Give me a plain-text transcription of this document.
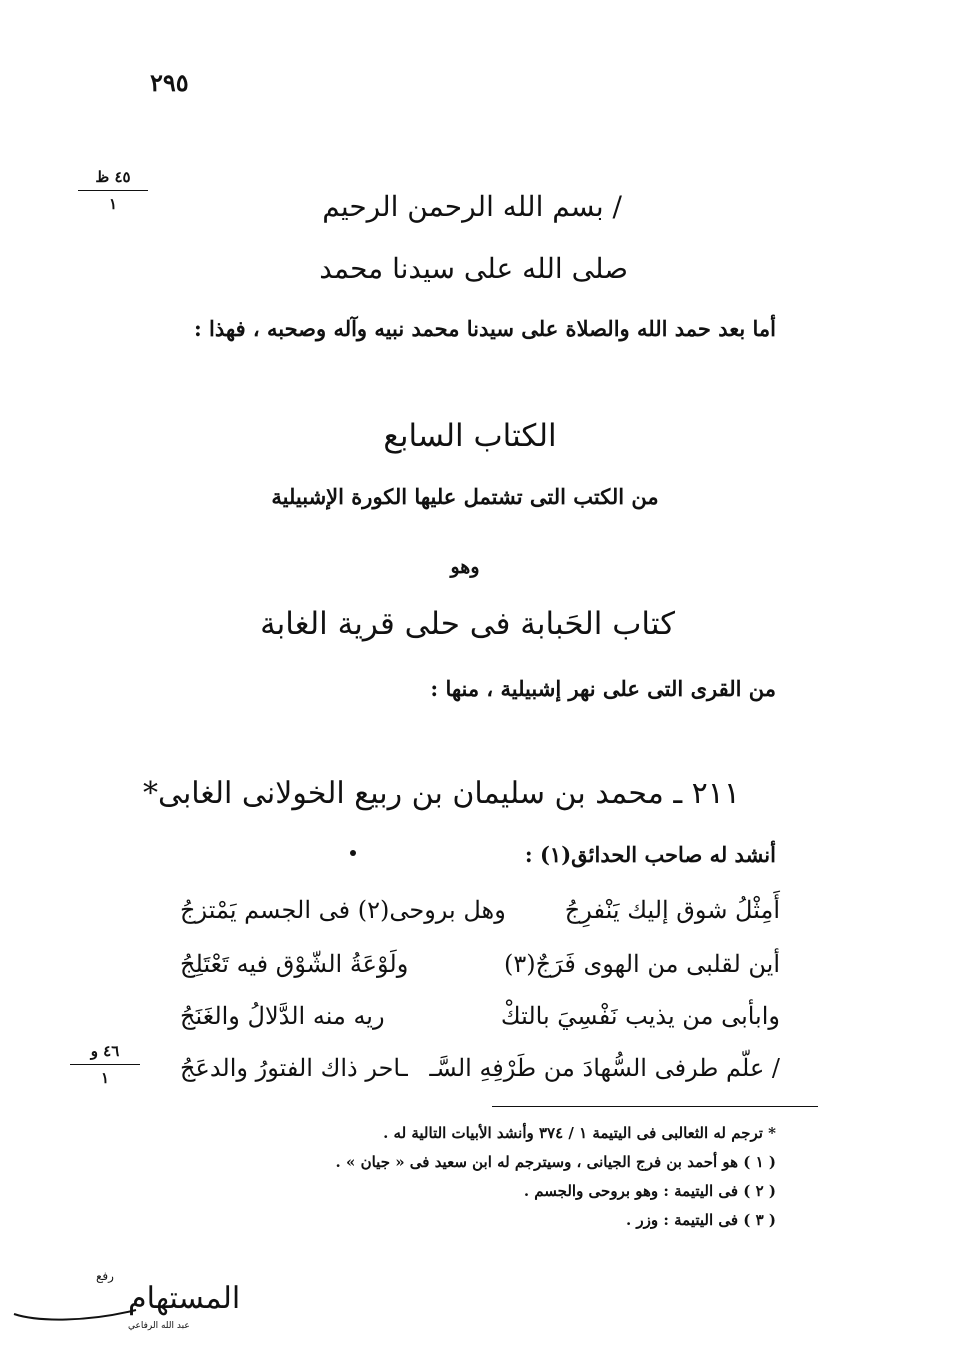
٢٩٥
٤٥ ظ
١
٤٦ و
١
/ بسم الله الرحمن الرحيم
صلى الله على سيدنا محمد
أما بعد حمد الله والصلاة على سيدنا محمد نبيه وآله وصحبه ، فهذا :
الكتاب السابع
من الكتب التى تشتمل عليها الكورة الإشبيلية
وهو
كتاب الحَبابة فى حلى قرية الغابة
من القرى التى على نهر إشبيلية ، منها :
٢١١ ـ محمد بن سليمان بن ربيع الخولانى الغابى*
أنشد له صاحب الحدائق(١) :
أَمِثْلُ شوق إليك يَنْفرِجُ
وهل بروحى(٢) فى الجسم يَمْتزجُ
أين لقلبى من الهوى فَرَجٌ(٣)
ولَوْعَةُ الشّوْق فيه تَعْتَلِجُ
وابأبى من يذيب نَفْسِيَ بالتكْ
ريه منه الدَّلالُ والغَنَجُ
/ علّم طرفى السُّهادَ من طَرْفِهِ السَّـ
ـاحر ذاك الفتورُ والدعَجُ
* ترجم له الثعالبى فى اليتيمة ١ / ٣٧٤ وأنشد الأبيات التالية له .
( ١ ) هو أحمد بن فرج الجيانى ، وسيترجم له ابن سعيد فى « جيان » .
( ٢ ) فى اليتيمة : وهو بروحى والجسم .
( ٣ ) فى اليتيمة : وزر .
رفع
المستهام
عبد الله الرفاعي
